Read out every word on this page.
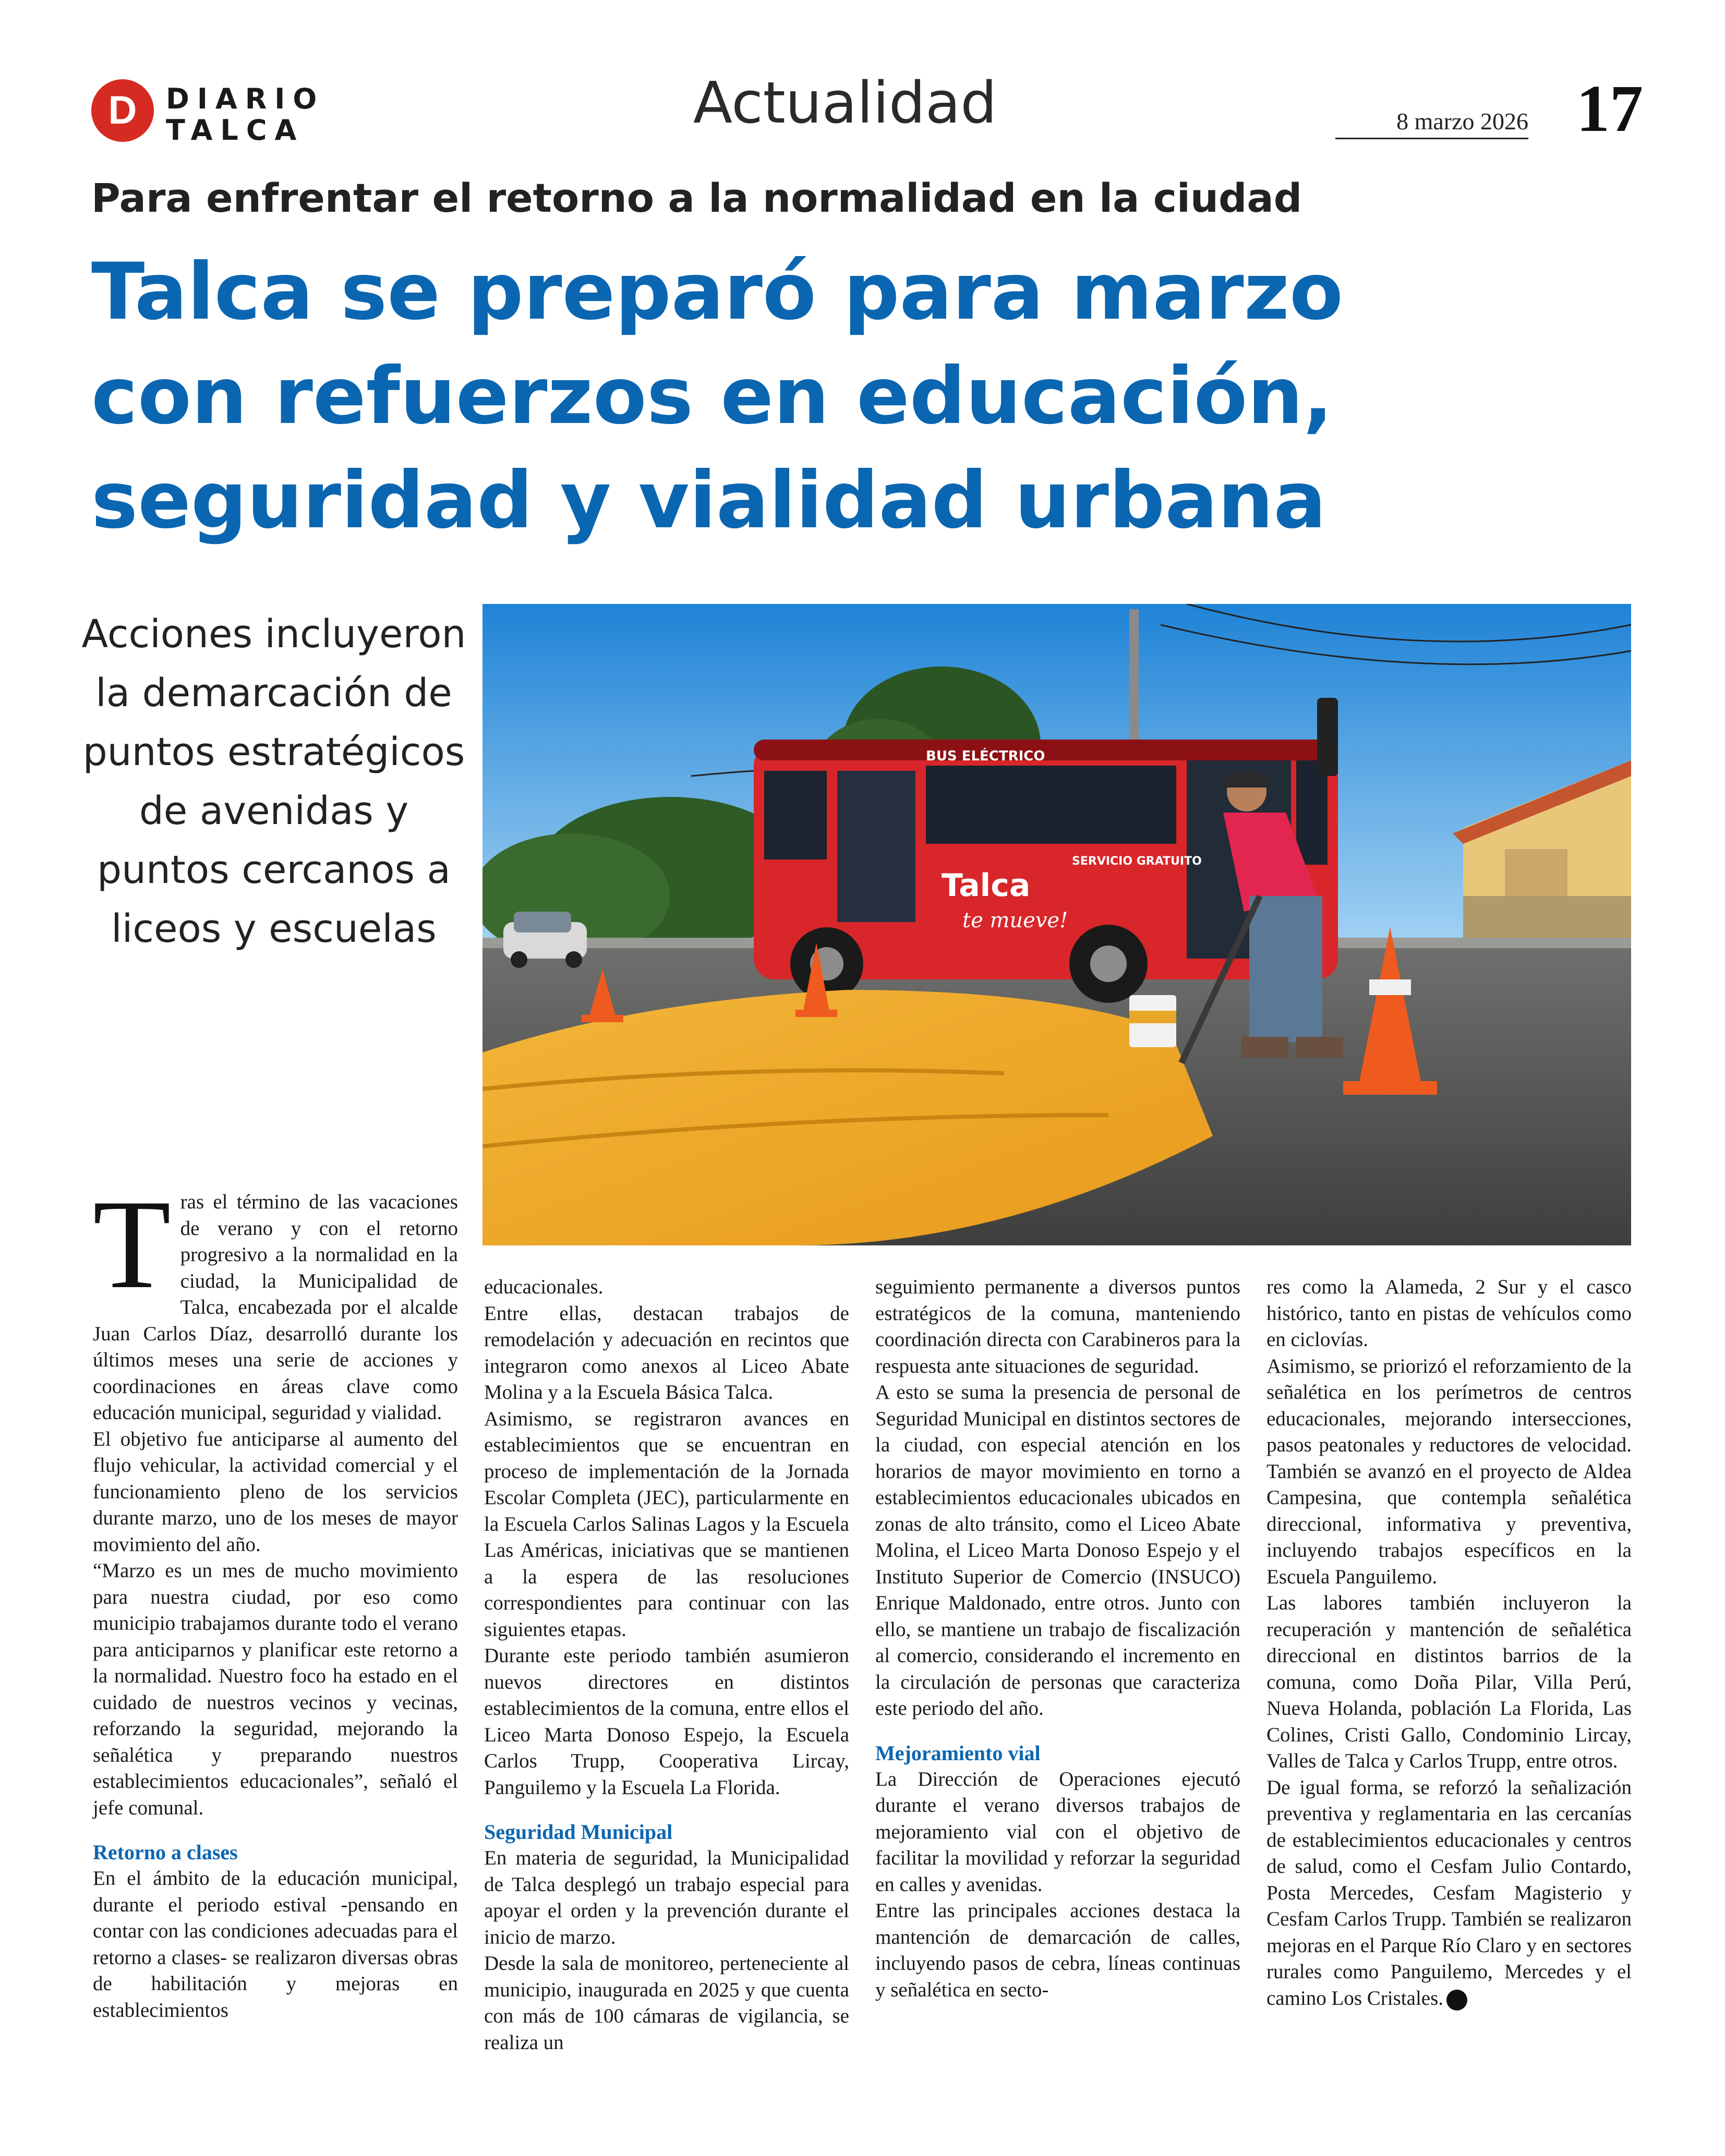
D	DIARIO
TALCA	Actualidad	8 marzo 2026 17
Para enfrentar el retorno a la normalidad en la ciudad
Talca se preparó para marzo
con refuerzos en educación,
seguridad y vialidad urbana
Acciones incluyeron la demarcación de puntos estratégicos de avenidas y puntos cercanos a liceos y escuelas
BUS ELÉCTRICO
Talca
te mueve!
SERVICIO GRATUITO
T ras el término de las vacaciones de verano y con el retorno progresivo a la normalidad en la ciudad, la Municipalidad de Talca, encabezada por el alcalde Juan Carlos Díaz, desarrolló durante los últimos meses una serie de acciones y coordinaciones en áreas clave como educación municipal, seguridad y vialidad.

El objetivo fue anticiparse al aumento del flujo vehicular, la actividad comercial y el funcionamiento pleno de los servicios durante marzo, uno de los meses de mayor movimiento del año.

“Marzo es un mes de mucho movimiento para nuestra ciudad, por eso como municipio trabajamos durante todo el verano para anticiparnos y planificar este retorno a la normalidad. Nuestro foco ha estado en el cuidado de nuestros vecinos y vecinas, reforzando la seguridad, mejorando la señalética y preparando nuestros establecimientos educacionales”, señaló el jefe comunal.

Retorno a clases

En el ámbito de la educación municipal, durante el periodo estival -pensando en contar con las condiciones adecuadas para el retorno a clases- se realizaron diversas obras de habilitación y mejoras en establecimientos

educacionales.

Entre ellas, destacan trabajos de remodelación y adecuación en recintos que integraron como anexos al Liceo Abate Molina y a la Escuela Básica Talca.

Asimismo, se registraron avances en establecimientos que se encuentran en proceso de implementación de la Jornada Escolar Completa (JEC), particularmente en la Escuela Carlos Salinas Lagos y la Escuela Las Américas, iniciativas que se mantienen a la espera de las resoluciones correspondientes para continuar con las siguientes etapas.

Durante este periodo también asumieron nuevos directores en distintos establecimientos de la comuna, entre ellos el Liceo Marta Donoso Espejo, la Escuela Carlos Trupp, Cooperativa Lircay, Panguilemo y la Escuela La Florida.

Seguridad Municipal

En materia de seguridad, la Municipalidad de Talca desplegó un trabajo especial para apoyar el orden y la prevención durante el inicio de marzo.

Desde la sala de monitoreo, perteneciente al municipio, inaugurada en 2025 y que cuenta con más de 100 cámaras de vigilancia, se realiza un

seguimiento permanente a diversos puntos estratégicos de la comuna, manteniendo coordinación directa con Carabineros para la respuesta ante situaciones de seguridad.

A esto se suma la presencia de personal de Seguridad Municipal en distintos sectores de la ciudad, con especial atención en los horarios de mayor movimiento en torno a establecimientos educacionales ubicados en zonas de alto tránsito, como el Liceo Abate Molina, el Liceo Marta Donoso Espejo y el Instituto Superior de Comercio (INSUCO) Enrique Maldonado, entre otros. Junto con ello, se mantiene un trabajo de fiscalización al comercio, considerando el incremento en la circulación de personas que caracteriza este periodo del año.

Mejoramiento vial

La Dirección de Operaciones ejecutó durante el verano diversos trabajos de mejoramiento vial con el objetivo de facilitar la movilidad y reforzar la seguridad en calles y avenidas.

Entre las principales acciones destaca la mantención de demarcación de calles, incluyendo pasos de cebra, líneas continuas y señalética en secto-

res como la Alameda, 2 Sur y el casco histórico, tanto en pistas de vehículos como en ciclovías.

Asimismo, se priorizó el reforzamiento de la señalética en los perímetros de centros educacionales, mejorando intersecciones, pasos peatonales y reductores de velocidad. También se avanzó en el proyecto de Aldea Campesina, que contempla señalética direccional, informativa y preventiva, incluyendo trabajos específicos en la Escuela Panguilemo.

Las labores también incluyeron la recuperación y mantención de señalética direccional en distintos barrios de la comuna, como Doña Pilar, Villa Perú, Nueva Holanda, población La Florida, Las Colines, Cristi Gallo, Condominio Lircay, Valles de Talca y Carlos Trupp, entre otros.

De igual forma, se reforzó la señalización preventiva y reglamentaria en las cercanías de establecimientos educacionales y centros de salud, como el Cesfam Julio Contardo, Posta Mercedes, Cesfam Magisterio y Cesfam Carlos Trupp. También se realizaron mejoras en el Parque Río Claro y en sectores rurales como Panguilemo, Mercedes y el camino Los Cristales.
